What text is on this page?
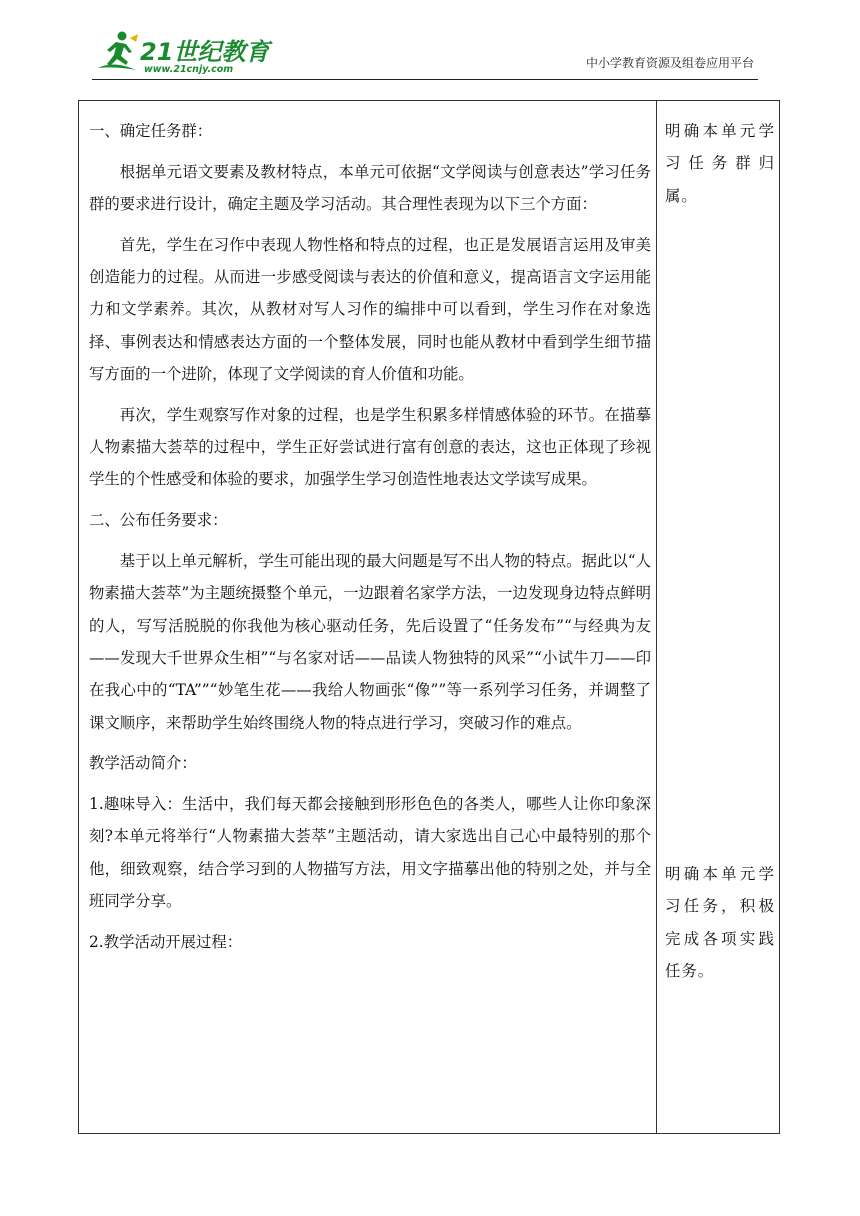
21世纪教育
www.21cnjy.com	中小学教育资源及组卷应用平台

一、确定任务群：

根据单元语文要素及教材特点，本单元可依据“文学阅读与创意表达”学习任务群的要求进行设计，确定主题及学习活动。其合理性表现为以下三个方面：

首先，学生在习作中表现人物性格和特点的过程，也正是发展语言运用及审美创造能力的过程。从而进一步感受阅读与表达的价值和意义，提高语言文字运用能力和文学素养。其次，从教材对写人习作的编排中可以看到，学生习作在对象选择、事例表达和情感表达方面的一个整体发展，同时也能从教材中看到学生细节描写方面的一个进阶，体现了文学阅读的育人价值和功能。

再次，学生观察写作对象的过程，也是学生积累多样情感体验的环节。在描摹人物素描大荟萃的过程中，学生正好尝试进行富有创意的表达，这也正体现了珍视学生的个性感受和体验的要求，加强学生学习创造性地表达文学读写成果。

二、公布任务要求：

基于以上单元解析，学生可能出现的最大问题是写不出人物的特点。据此以“人物素描大荟萃”为主题统摄整个单元，一边跟着名家学方法，一边发现身边特点鲜明的人，写写活脱脱的你我他为核心驱动任务，先后设置了“任务发布”“与经典为友——发现大千世界众生相”“与名家对话——品读人物独特的风采”“小试牛刀——印在我心中的“TA””“妙笔生花——我给人物画张“像””等一系列学习任务，并调整了课文顺序，来帮助学生始终围绕人物的特点进行学习，突破习作的难点。

教学活动简介：

1.趣味导入：生活中，我们每天都会接触到形形色色的各类人，哪些人让你印象深刻?本单元将举行“人物素描大荟萃”主题活动，请大家选出自己心中最特别的那个他，细致观察，结合学习到的人物描写方法，用文字描摹出他的特别之处，并与全班同学分享。

2.教学活动开展过程：

明确本单元学习任务群归属。
明确本单元学习任务，积极完成各项实践任务。
